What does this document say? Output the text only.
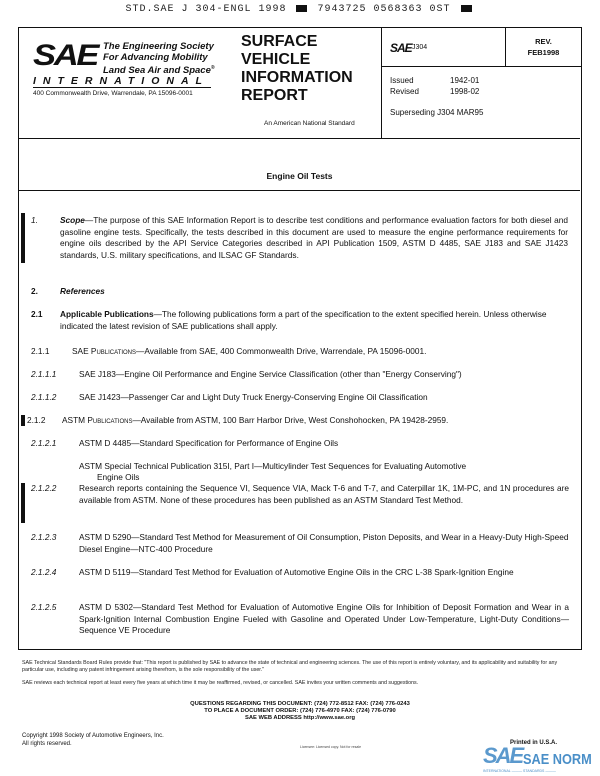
STD.SAE J 304-ENGL 1998	7943725 0568363 0ST
SAE The Engineering Society
For Advancing Mobility
Land Sea Air and Space®
INTERNATIONAL
400 Commonwealth Drive, Warrendale, PA 15096-0001
SURFACE
VEHICLE
INFORMATION
REPORT
An American National Standard
SAE J304
REV.
FEB1998
Issued	1942-01
Revised	1998-02
Superseding J304 MAR95
$_{Engine Oil Tests}$
1.	Scope—The purpose of this SAE Information Report is to describe test conditions and performance evaluation factors for both diesel and gasoline engine tests. Specifically, the tests described in this document are used to measure the engine performance requirements for engine oils described by the API Service Categories described in API Publication 1509, ASTM D 4485, SAE J183 and SAE J1423 standards, U.S. military specifications, and ILSAC GF Standards.
2.	References
2.1 Applicable Publications—The following publications form a part of the specification to the extent specified herein. Unless otherwise indicated the latest revision of SAE publications shall apply.
2.1.1	SAE Publications—Available from SAE, 400 Commonwealth Drive, Warrendale, PA 15096-0001.
2.1.1.1	SAE J183—Engine Oil Performance and Engine Service Classification (other than "Energy Conserving")
2.1.1.2	SAE J1423—Passenger Car and Light Duty Truck Energy-Conserving Engine Oil Classification
2.1.2 ASTM Publications—Available from ASTM, 100 Barr Harbor Drive, West Conshohocken, PA 19428-2959.
2.1.2.1	ASTM D 4485—Standard Specification for Performance of Engine Oils
ASTM Special Technical Publication 315I, Part I—Multicylinder Test Sequences for Evaluating Automotive
Engine Oils
2.1.2.2	Research reports containing the Sequence VI, Sequence VIA, Mack T-6 and T-7, and Caterpillar 1K, 1M-PC, and 1N procedures are available from ASTM. None of these procedures has been published as an ASTM Standard Test Method.
2.1.2.3	ASTM D 5290—Standard Test Method for Measurement of Oil Consumption, Piston Deposits, and Wear in a Heavy-Duty High-Speed Diesel Engine—NTC-400 Procedure
2.1.2.4	ASTM D 5119—Standard Test Method for Evaluation of Automotive Engine Oils in the CRC L-38 Spark-Ignition Engine
2.1.2.5	ASTM D 5302—Standard Test Method for Evaluation of Automotive Engine Oils for Inhibition of Deposit Formation and Wear in a Spark-Ignition Internal Combustion Engine Fueled with Gasoline and Operated Under Low-Temperature, Light-Duty Conditions—Sequence VE Procedure
SAE Technical Standards Board Rules provide that: "This report is published by SAE to advance the state of technical and engineering sciences. The use of this report is entirely voluntary, and its applicability and suitability for any particular use, including any patent infringement arising therefrom, is the sole responsibility of the user."
SAE reviews each technical report at least every five years at which time it may be reaffirmed, revised, or cancelled. SAE invites your written comments and suggestions.
QUESTIONS REGARDING THIS DOCUMENT: (724) 772-8512 FAX: (724) 776-0243
TO PLACE A DOCUMENT ORDER: (724) 776-4970 FAX: (724) 776-0790
SAE WEB ADDRESS http://www.sae.org
Copyright 1998 Society of Automotive Engineers, Inc.
All rights reserved.
Licensee: Licensed copy. Not for resale	SAE SAE NORM
INTERNATIONAL ——— STANDARDS ———
Printed in U.S.A.
